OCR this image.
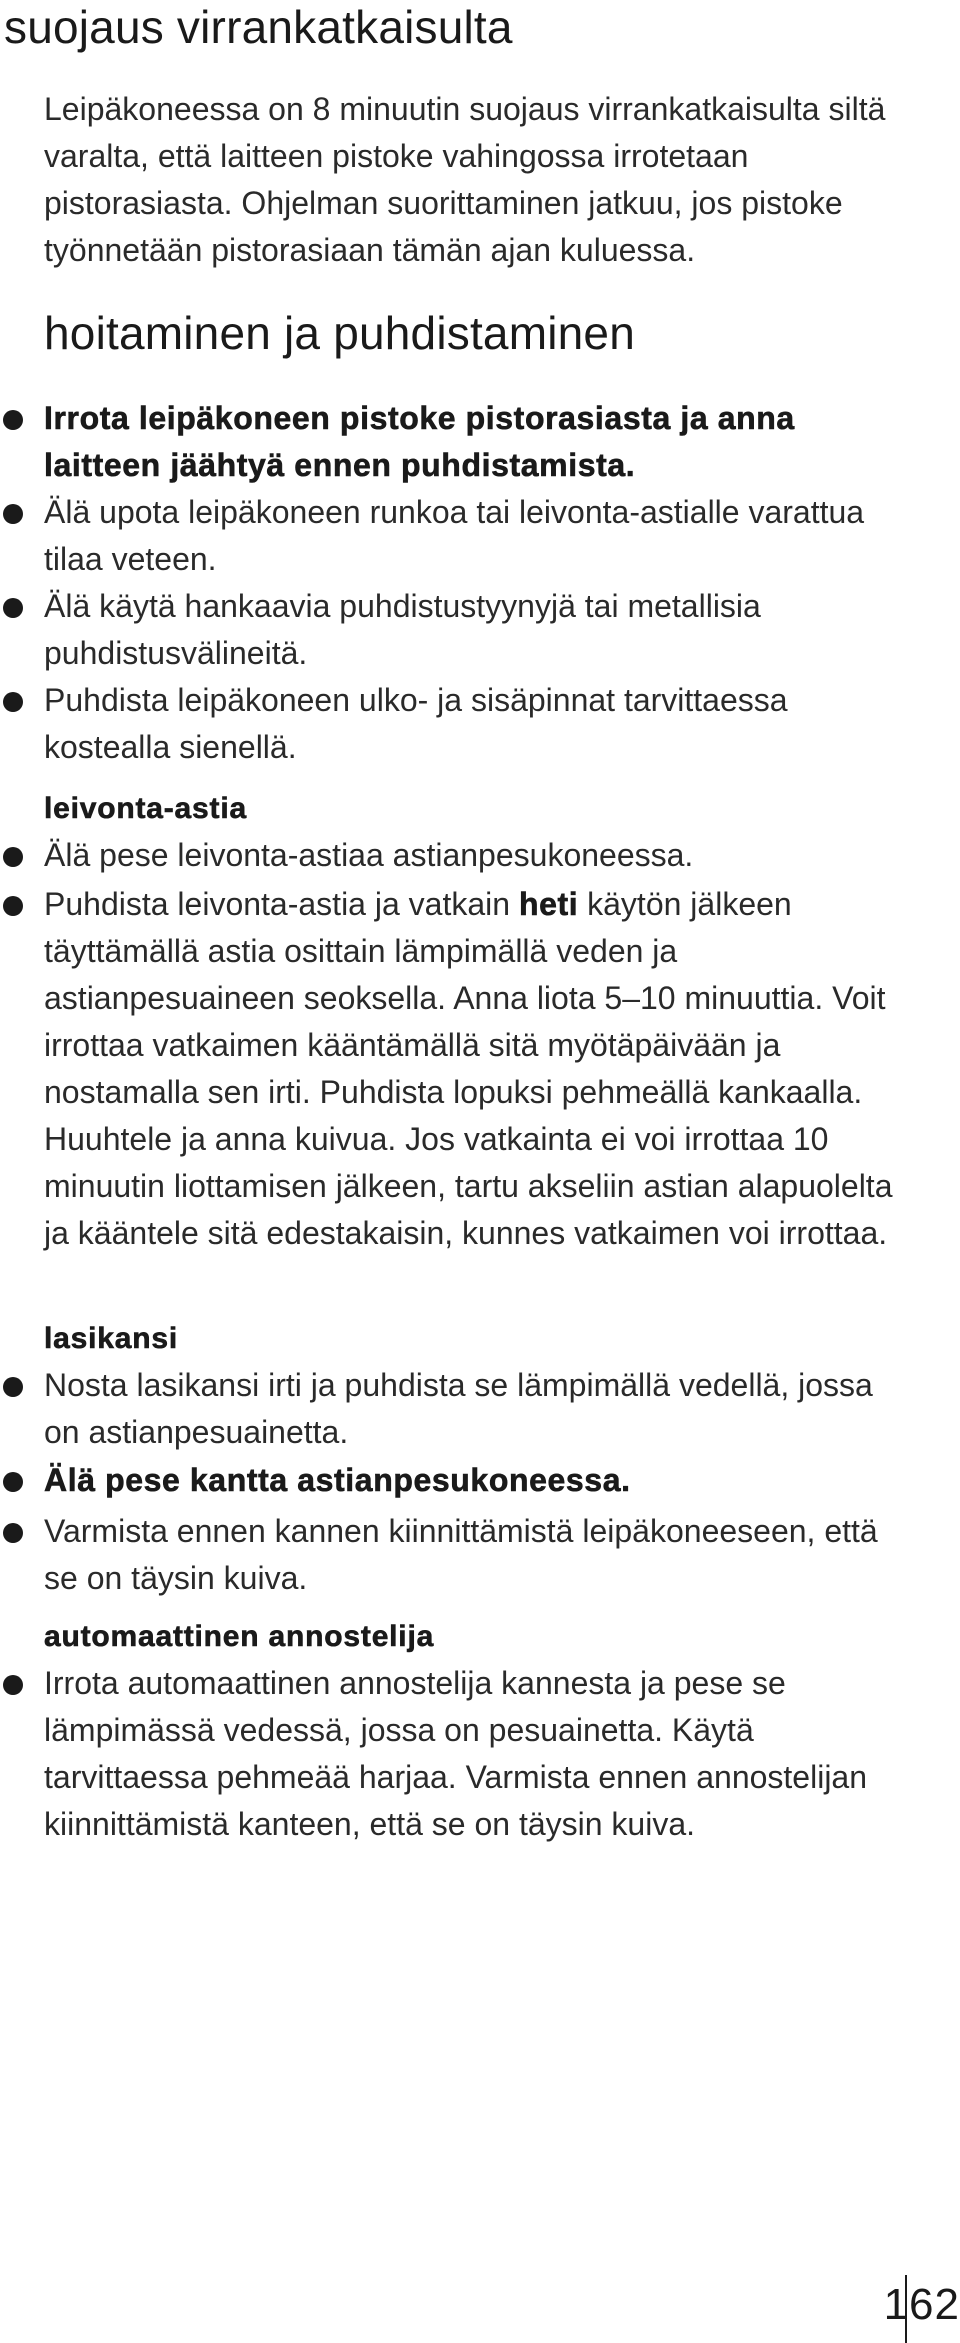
suojaus virrankatkaisulta

Leipäkoneessa on 8 minuutin suojaus virrankatkaisulta siltä varalta, että laitteen pistoke vahingossa irrotetaan pistorasiasta. Ohjelman suorittaminen jatkuu, jos pistoke työnnetään pistorasiaan tämän ajan kuluessa.

hoitaminen ja puhdistaminen
Irrota leipäkoneen pistoke pistorasiasta ja anna laitteen jäähtyä ennen puhdistamista.
Älä upota leipäkoneen runkoa tai leivonta-astialle varattua tilaa veteen.
Älä käytä hankaavia puhdistustyynyjä tai metallisia puhdistusvälineitä.
Puhdista leipäkoneen ulko- ja sisäpinnat tarvittaessa kostealla sienellä.
leivonta-astia
Älä pese leivonta-astiaa astianpesukoneessa.
Puhdista leivonta-astia ja vatkain heti käytön jälkeen täyttämällä astia osittain lämpimällä veden ja astianpesuaineen seoksella. Anna liota 5–10 minuuttia. Voit irrottaa vatkaimen kääntämällä sitä myötäpäivään ja nostamalla sen irti. Puhdista lopuksi pehmeällä kankaalla. Huuhtele ja anna kuivua. Jos vatkainta ei voi irrottaa 10 minuutin liottamisen jälkeen, tartu akseliin astian alapuolelta ja kääntele sitä edestakaisin, kunnes vatkaimen voi irrottaa.
lasikansi
Nosta lasikansi irti ja puhdista se lämpimällä vedellä, jossa on astianpesuainetta.
Älä pese kantta astianpesukoneessa.
Varmista ennen kannen kiinnittämistä leipäkoneeseen, että se on täysin kuiva.
automaattinen annostelija
Irrota automaattinen annostelija kannesta ja pese se lämpimässä vedessä, jossa on pesuainetta. Käytä tarvittaessa pehmeää harjaa. Varmista ennen annostelijan kiinnittämistä kanteen, että se on täysin kuiva.
162
